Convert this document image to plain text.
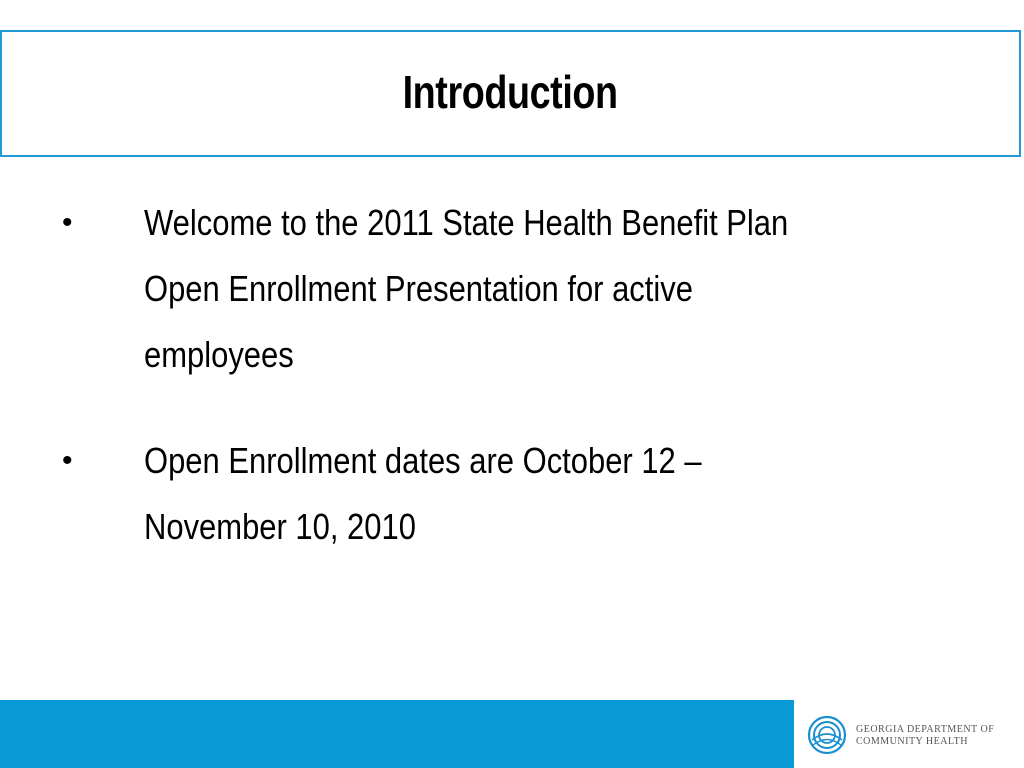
Introduction
• Welcome to the 2011 State Health Benefit Plan
Open Enrollment Presentation for active
employees
• Open Enrollment dates are October 12 –
November 10, 2010
GEORGIA DEPARTMENT OF
COMMUNITY HEALTH
